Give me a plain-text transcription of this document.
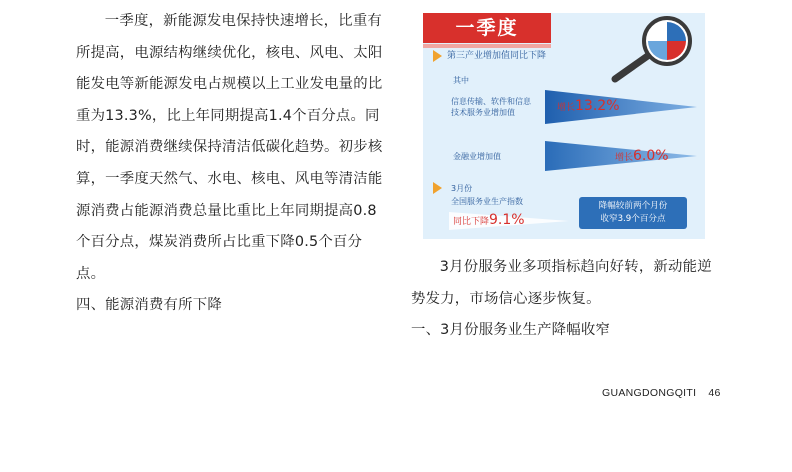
一季度，新能源发电保持快速增长，比重有所提高，电源结构继续优化，核电、风电、太阳能发电等新能源发电占规模以上工业发电量的比重为13.3%，比上年同期提高1.4个百分点。同时，能源消费继续保持清洁低碳化趋势。初步核算，一季度天然气、水电、核电、风电等清洁能源消费占能源消费总量比重比上年同期提高0.8个百分点，煤炭消费所占比重下降0.5个百分点。

四、能源消费有所下降

一季度
第三产业增加值同比下降
其中
信息传输、软件和信息技术服务业增加值	增长13.2%
金融业增加值	增长6.0%
3月份
全国服务业生产指数
同比下降9.1%
降幅较前两个月份
收窄3.9个百分点

3月份服务业多项指标趋向好转，新动能逆势发力，市场信心逐步恢复。

一、3月份服务业生产降幅收窄

GUANGDONGQITI 46
